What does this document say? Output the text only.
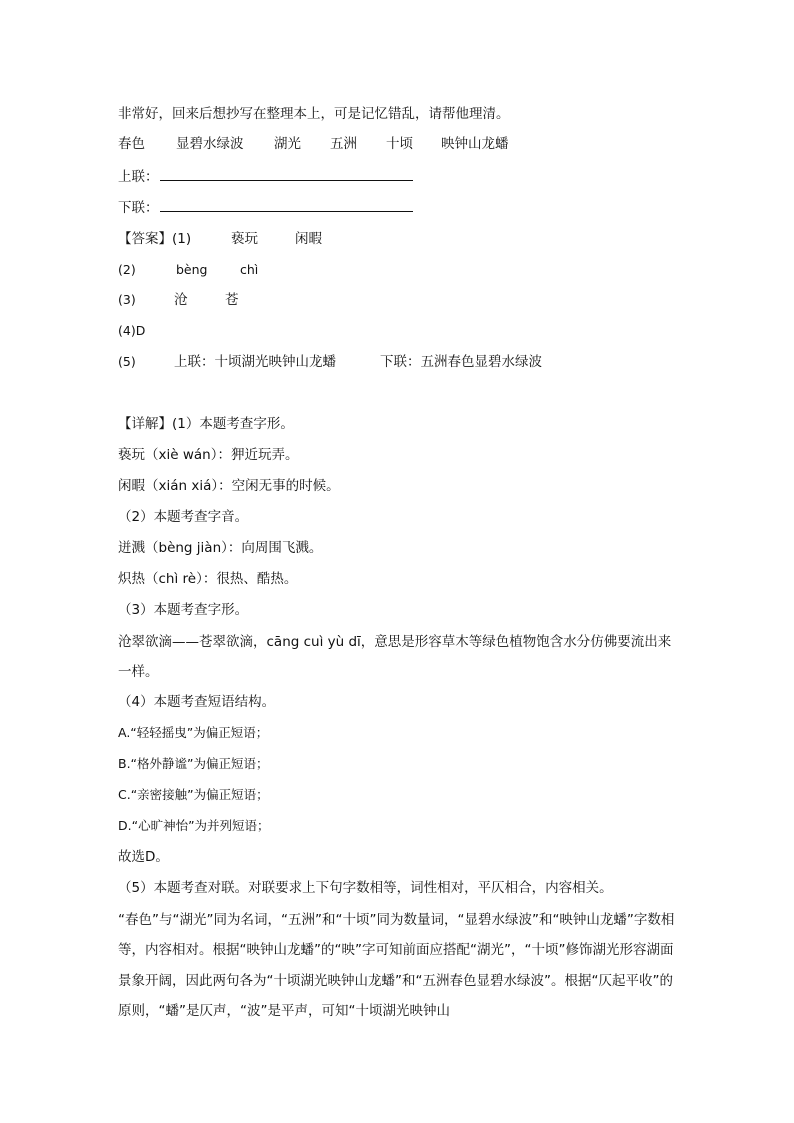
非常好，回来后想抄写在整理本上，可是记忆错乱，请帮他理清。
春色 显碧水绿波 湖光 五洲 十顷 映钟山龙蟠
上联：
下联：
【答案】(1)	亵玩	闲暇
(2)	bèng	chì
(3)	沧	苍
(4)D
(5)	上联：十顷湖光映钟山龙蟠	下联：五洲春色显碧水绿波
【详解】(1）本题考查字形。
亵玩（xiè wán）：狎近玩弄。
闲暇（xián xiá）：空闲无事的时候。
（2）本题考查字音。
迸溅（bèng jiàn）：向周围飞溅。
炽热（chì rè）：很热、酷热。
（3）本题考查字形。
沧翠欲滴——苍翠欲滴，cāng cuì yù dī，意思是形容草木等绿色植物饱含水分仿佛要流出来一样。
（4）本题考查短语结构。
A.“轻轻摇曳”为偏正短语；
B.“格外静谧”为偏正短语；
C.“亲密接触”为偏正短语；
D.“心旷神怡”为并列短语；
故选D。
（5）本题考查对联。对联要求上下句字数相等，词性相对，平仄相合，内容相关。
“春色”与“湖光”同为名词，“五洲”和“十顷”同为数量词，“显碧水绿波”和“映钟山龙蟠”字数相等，内容相对。根据“映钟山龙蟠”的“映”字可知前面应搭配“湖光”，“十顷”修饰湖光形容湖面景象开阔，因此两句各为“十顷湖光映钟山龙蟠”和“五洲春色显碧水绿波”。根据“仄起平收”的原则，“蟠”是仄声，“波”是平声，可知“十顷湖光映钟山
